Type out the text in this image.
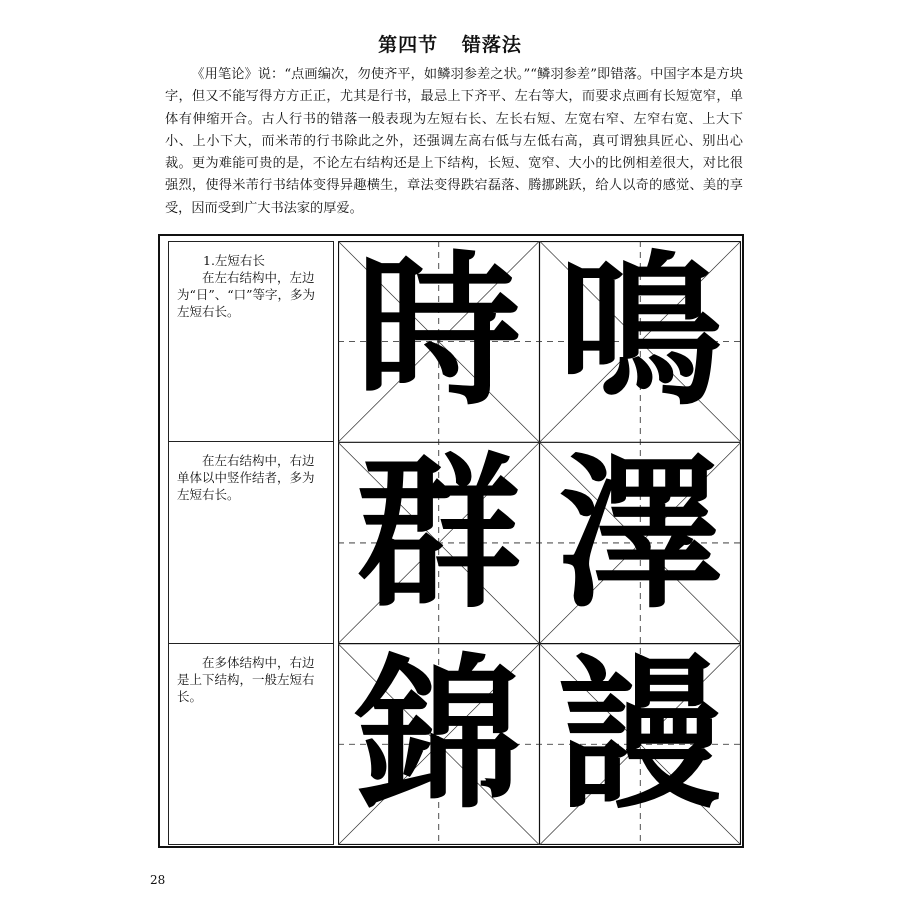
第四节 错落法
《用笔论》说：“点画编次，勿使齐平，如鳞羽参差之状。”“鳞羽参差”即错落。中国字本是方块字，但又不能写得方方正正，尤其是行书，最忌上下齐平、左右等大，而要求点画有长短宽窄，单体有伸缩开合。古人行书的错落一般表现为左短右长、左长右短、左宽右窄、左窄右宽、上大下小、上小下大，而米芾的行书除此之外，还强调左高右低与左低右高，真可谓独具匠心、别出心裁。更为难能可贵的是，不论左右结构还是上下结构，长短、宽窄、大小的比例相差很大，对比很强烈，使得米芾行书结体变得异趣横生，章法变得跌宕磊落、腾挪跳跃，给人以奇的感觉、美的享受，因而受到广大书法家的厚爱。
1.左短右长
在左右结构中，左边为“日”、“口”等字，多为左短右长。
在左右结构中，右边单体以中竖作结者，多为左短右长。
在多体结构中，右边是上下结构，一般左短右长。
時 鳴
群 澤
錦 謾
28
